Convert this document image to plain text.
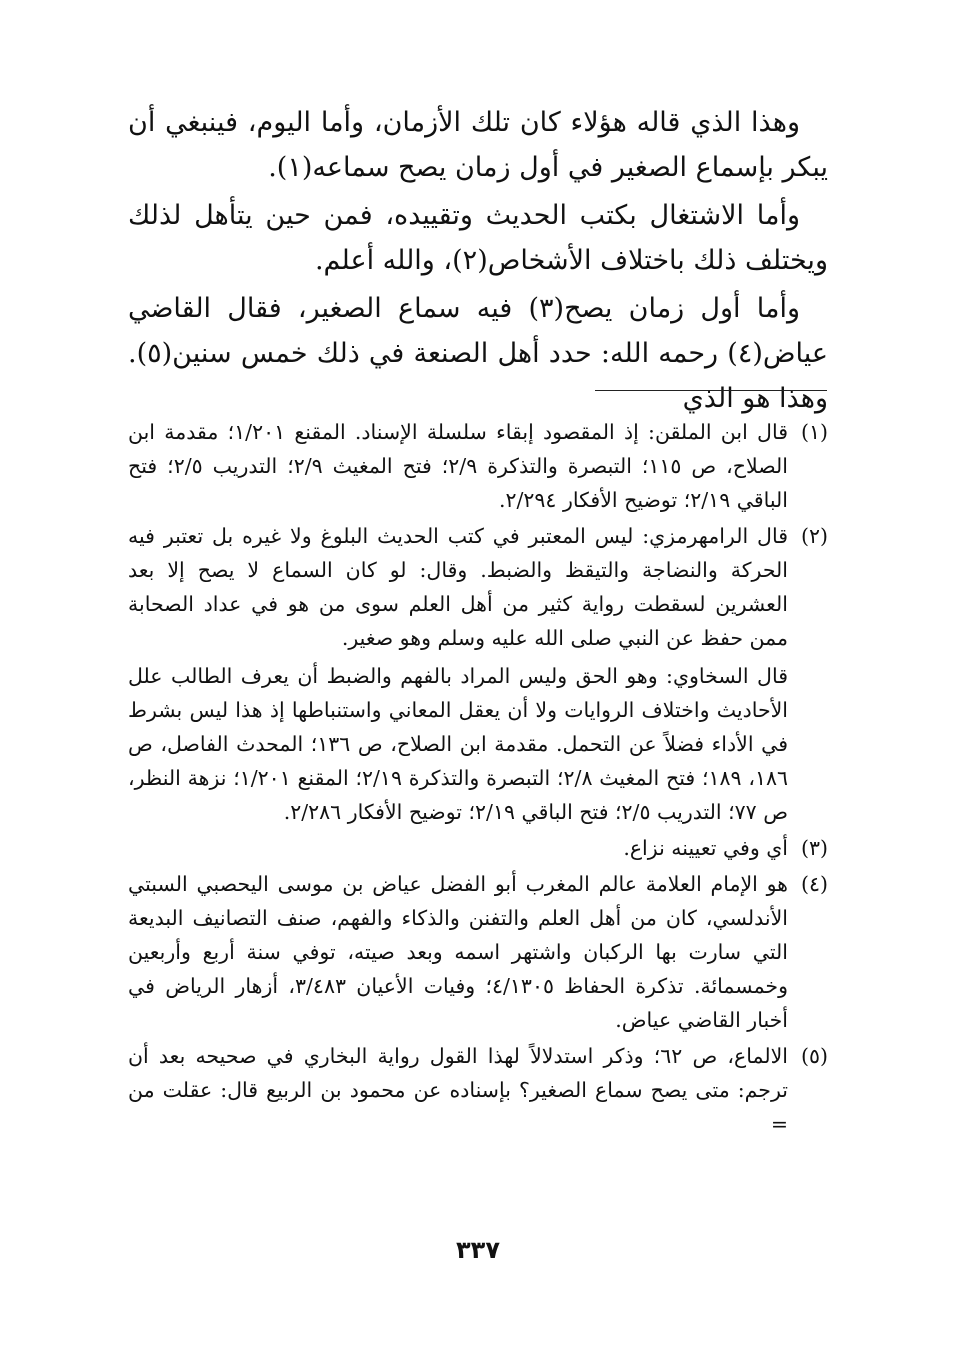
وهذا الذي قاله هؤلاء كان تلك الأزمان، وأما اليوم، فينبغي أن يبكر بإسماع الصغير في أول زمان يصح سماعه(١).

وأما الاشتغال بكتب الحديث وتقييده، فمن حين يتأهل لذلك ويختلف ذلك باختلاف الأشخاص(٢)، والله أعلم.

وأما أول زمان يصح(٣) فيه سماع الصغير، فقال القاضي عياض(٤) رحمه الله: حدد أهل الصنعة في ذلك خمس سنين(٥). وهذا هو الذي

(١)

قال ابن الملقن: إذ المقصود إبقاء سلسلة الإسناد. المقنع ١/٢٠١؛ مقدمة ابن الصلاح، ص ١١٥؛ التبصرة والتذكرة ٢/٩؛ فتح المغيث ٢/٩؛ التدريب ٢/٥؛ فتح الباقي ٢/١٩؛ توضيح الأفكار ٢/٢٩٤.

(٢)

قال الرامهرمزي: ليس المعتبر في كتب الحديث البلوغ ولا غيره بل تعتبر فيه الحركة والنضاجة والتيقظ والضبط. وقال: لو كان السماع لا يصح إلا بعد العشرين لسقطت رواية كثير من أهل العلم سوى من هو في عداد الصحابة ممن حفظ عن النبي صلى الله عليه وسلم وهو صغير.

قال السخاوي: وهو الحق وليس المراد بالفهم والضبط أن يعرف الطالب علل الأحاديث واختلاف الروايات ولا أن يعقل المعاني واستنباطها إذ هذا ليس بشرط في الأداء فضلاً عن التحمل. مقدمة ابن الصلاح، ص ١٣٦؛ المحدث الفاصل، ص ١٨٦، ١٨٩؛ فتح المغيث ٢/٨؛ التبصرة والتذكرة ٢/١٩؛ المقنع ١/٢٠١؛ نزهة النظر، ص ٧٧؛ التدريب ٢/٥؛ فتح الباقي ٢/١٩؛ توضيح الأفكار ٢/٢٨٦.

(٣)

أي وفي تعيينه نزاع.

(٤)

هو الإمام العلامة عالم المغرب أبو الفضل عياض بن موسى اليحصبي السبتي الأندلسي، كان من أهل العلم والتفنن والذكاء والفهم، صنف التصانيف البديعة التي سارت بها الركبان واشتهر اسمه وبعد صيته، توفي سنة أربع وأربعين وخمسمائة. تذكرة الحفاظ ٤/١٣٠٥؛ وفيات الأعيان ٣/٤٨٣، أزهار الرياض في أخبار القاضي عياض.

(٥)

الالماع، ص ٦٢؛ وذكر استدلالاً لهذا القول رواية البخاري في صحيحه بعد أن ترجم: متى يصح سماع الصغير؟ بإسناده عن محمود بن الربيع قال: عقلت من =

٣٣٧
